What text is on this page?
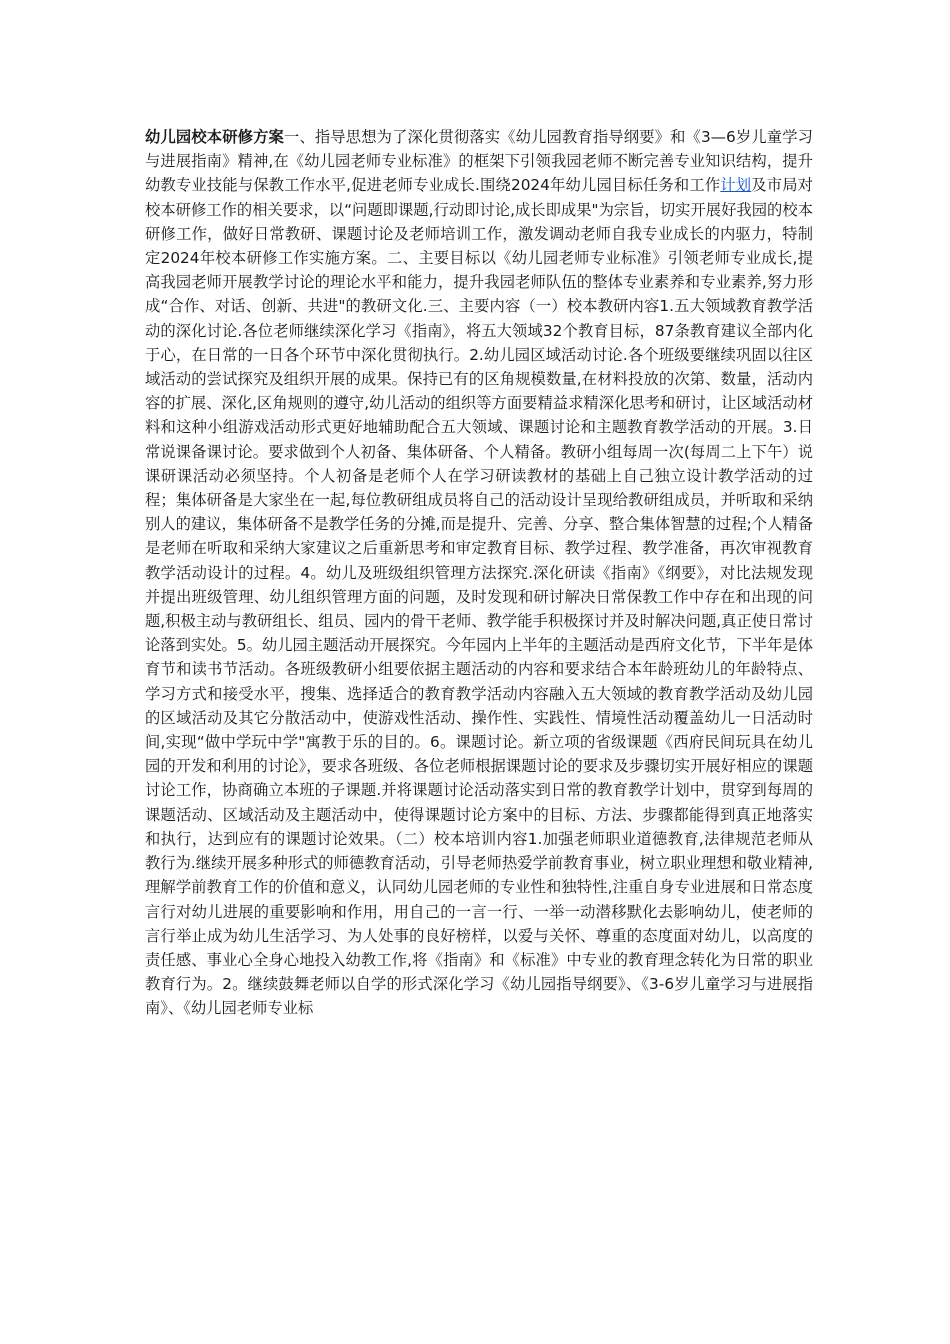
幼儿园校本研修方案一、指导思想为了深化贯彻落实《幼儿园教育指导纲要》和《3—6岁儿童学习与进展指南》精神,在《幼儿园老师专业标准》的框架下引领我园老师不断完善专业知识结构，提升幼教专业技能与保教工作水平,促进老师专业成长.围绕2024年幼儿园目标任务和工作计划及市局对校本研修工作的相关要求，以“问题即课题,行动即讨论,成长即成果"为宗旨，切实开展好我园的校本研修工作，做好日常教研、课题讨论及老师培训工作，激发调动老师自我专业成长的内驱力，特制定2024年校本研修工作实施方案。二、主要目标以《幼儿园老师专业标准》引领老师专业成长,提高我园老师开展教学讨论的理论水平和能力，提升我园老师队伍的整体专业素养和专业素养,努力形成“合作、对话、创新、共进"的教研文化.三、主要内容（一）校本教研内容1.五大领域教育教学活动的深化讨论.各位老师继续深化学习《指南》，将五大领域32个教育目标，87条教育建议全部内化于心，在日常的一日各个环节中深化贯彻执行。2.幼儿园区域活动讨论.各个班级要继续巩固以往区域活动的尝试探究及组织开展的成果。保持已有的区角规模数量,在材料投放的次第、数量，活动内容的扩展、深化,区角规则的遵守,幼儿活动的组织等方面要精益求精深化思考和研讨，让区域活动材料和这种小组游戏活动形式更好地辅助配合五大领域、课题讨论和主题教育教学活动的开展。3.日常说课备课讨论。要求做到个人初备、集体研备、个人精备。教研小组每周一次(每周二上下午）说课研课活动必须坚持。个人初备是老师个人在学习研读教材的基础上自己独立设计教学活动的过程；集体研备是大家坐在一起,每位教研组成员将自己的活动设计呈现给教研组成员，并听取和采纳别人的建议，集体研备不是教学任务的分摊,而是提升、完善、分享、整合集体智慧的过程;个人精备是老师在听取和采纳大家建议之后重新思考和审定教育目标、教学过程、教学准备，再次审视教育教学活动设计的过程。4。幼儿及班级组织管理方法探究.深化研读《指南》《纲要》，对比法规发现并提出班级管理、幼儿组织管理方面的问题，及时发现和研讨解决日常保教工作中存在和出现的问题,积极主动与教研组长、组员、园内的骨干老师、教学能手积极探讨并及时解决问题,真正使日常讨论落到实处。5。幼儿园主题活动开展探究。今年园内上半年的主题活动是西府文化节，下半年是体育节和读书节活动。各班级教研小组要依据主题活动的内容和要求结合本年龄班幼儿的年龄特点、学习方式和接受水平，搜集、选择适合的教育教学活动内容融入五大领域的教育教学活动及幼儿园的区域活动及其它分散活动中，使游戏性活动、操作性、实践性、情境性活动覆盖幼儿一日活动时间,实现“做中学玩中学"寓教于乐的目的。6。课题讨论。新立项的省级课题《西府民间玩具在幼儿园的开发和利用的讨论》，要求各班级、各位老师根据课题讨论的要求及步骤切实开展好相应的课题讨论工作，协商确立本班的子课题.并将课题讨论活动落实到日常的教育教学计划中，贯穿到每周的课题活动、区域活动及主题活动中，使得课题讨论方案中的目标、方法、步骤都能得到真正地落实和执行，达到应有的课题讨论效果。（二）校本培训内容1.加强老师职业道德教育,法律规范老师从教行为.继续开展多种形式的师德教育活动，引导老师热爱学前教育事业，树立职业理想和敬业精神,理解学前教育工作的价值和意义，认同幼儿园老师的专业性和独特性,注重自身专业进展和日常态度言行对幼儿进展的重要影响和作用，用自己的一言一行、一举一动潜移默化去影响幼儿，使老师的言行举止成为幼儿生活学习、为人处事的良好榜样，以爱与关怀、尊重的态度面对幼儿，以高度的责任感、事业心全身心地投入幼教工作,将《指南》和《标准》中专业的教育理念转化为日常的职业教育行为。2。继续鼓舞老师以自学的形式深化学习《幼儿园指导纲要》、《3-6岁儿童学习与进展指南》、《幼儿园老师专业标
